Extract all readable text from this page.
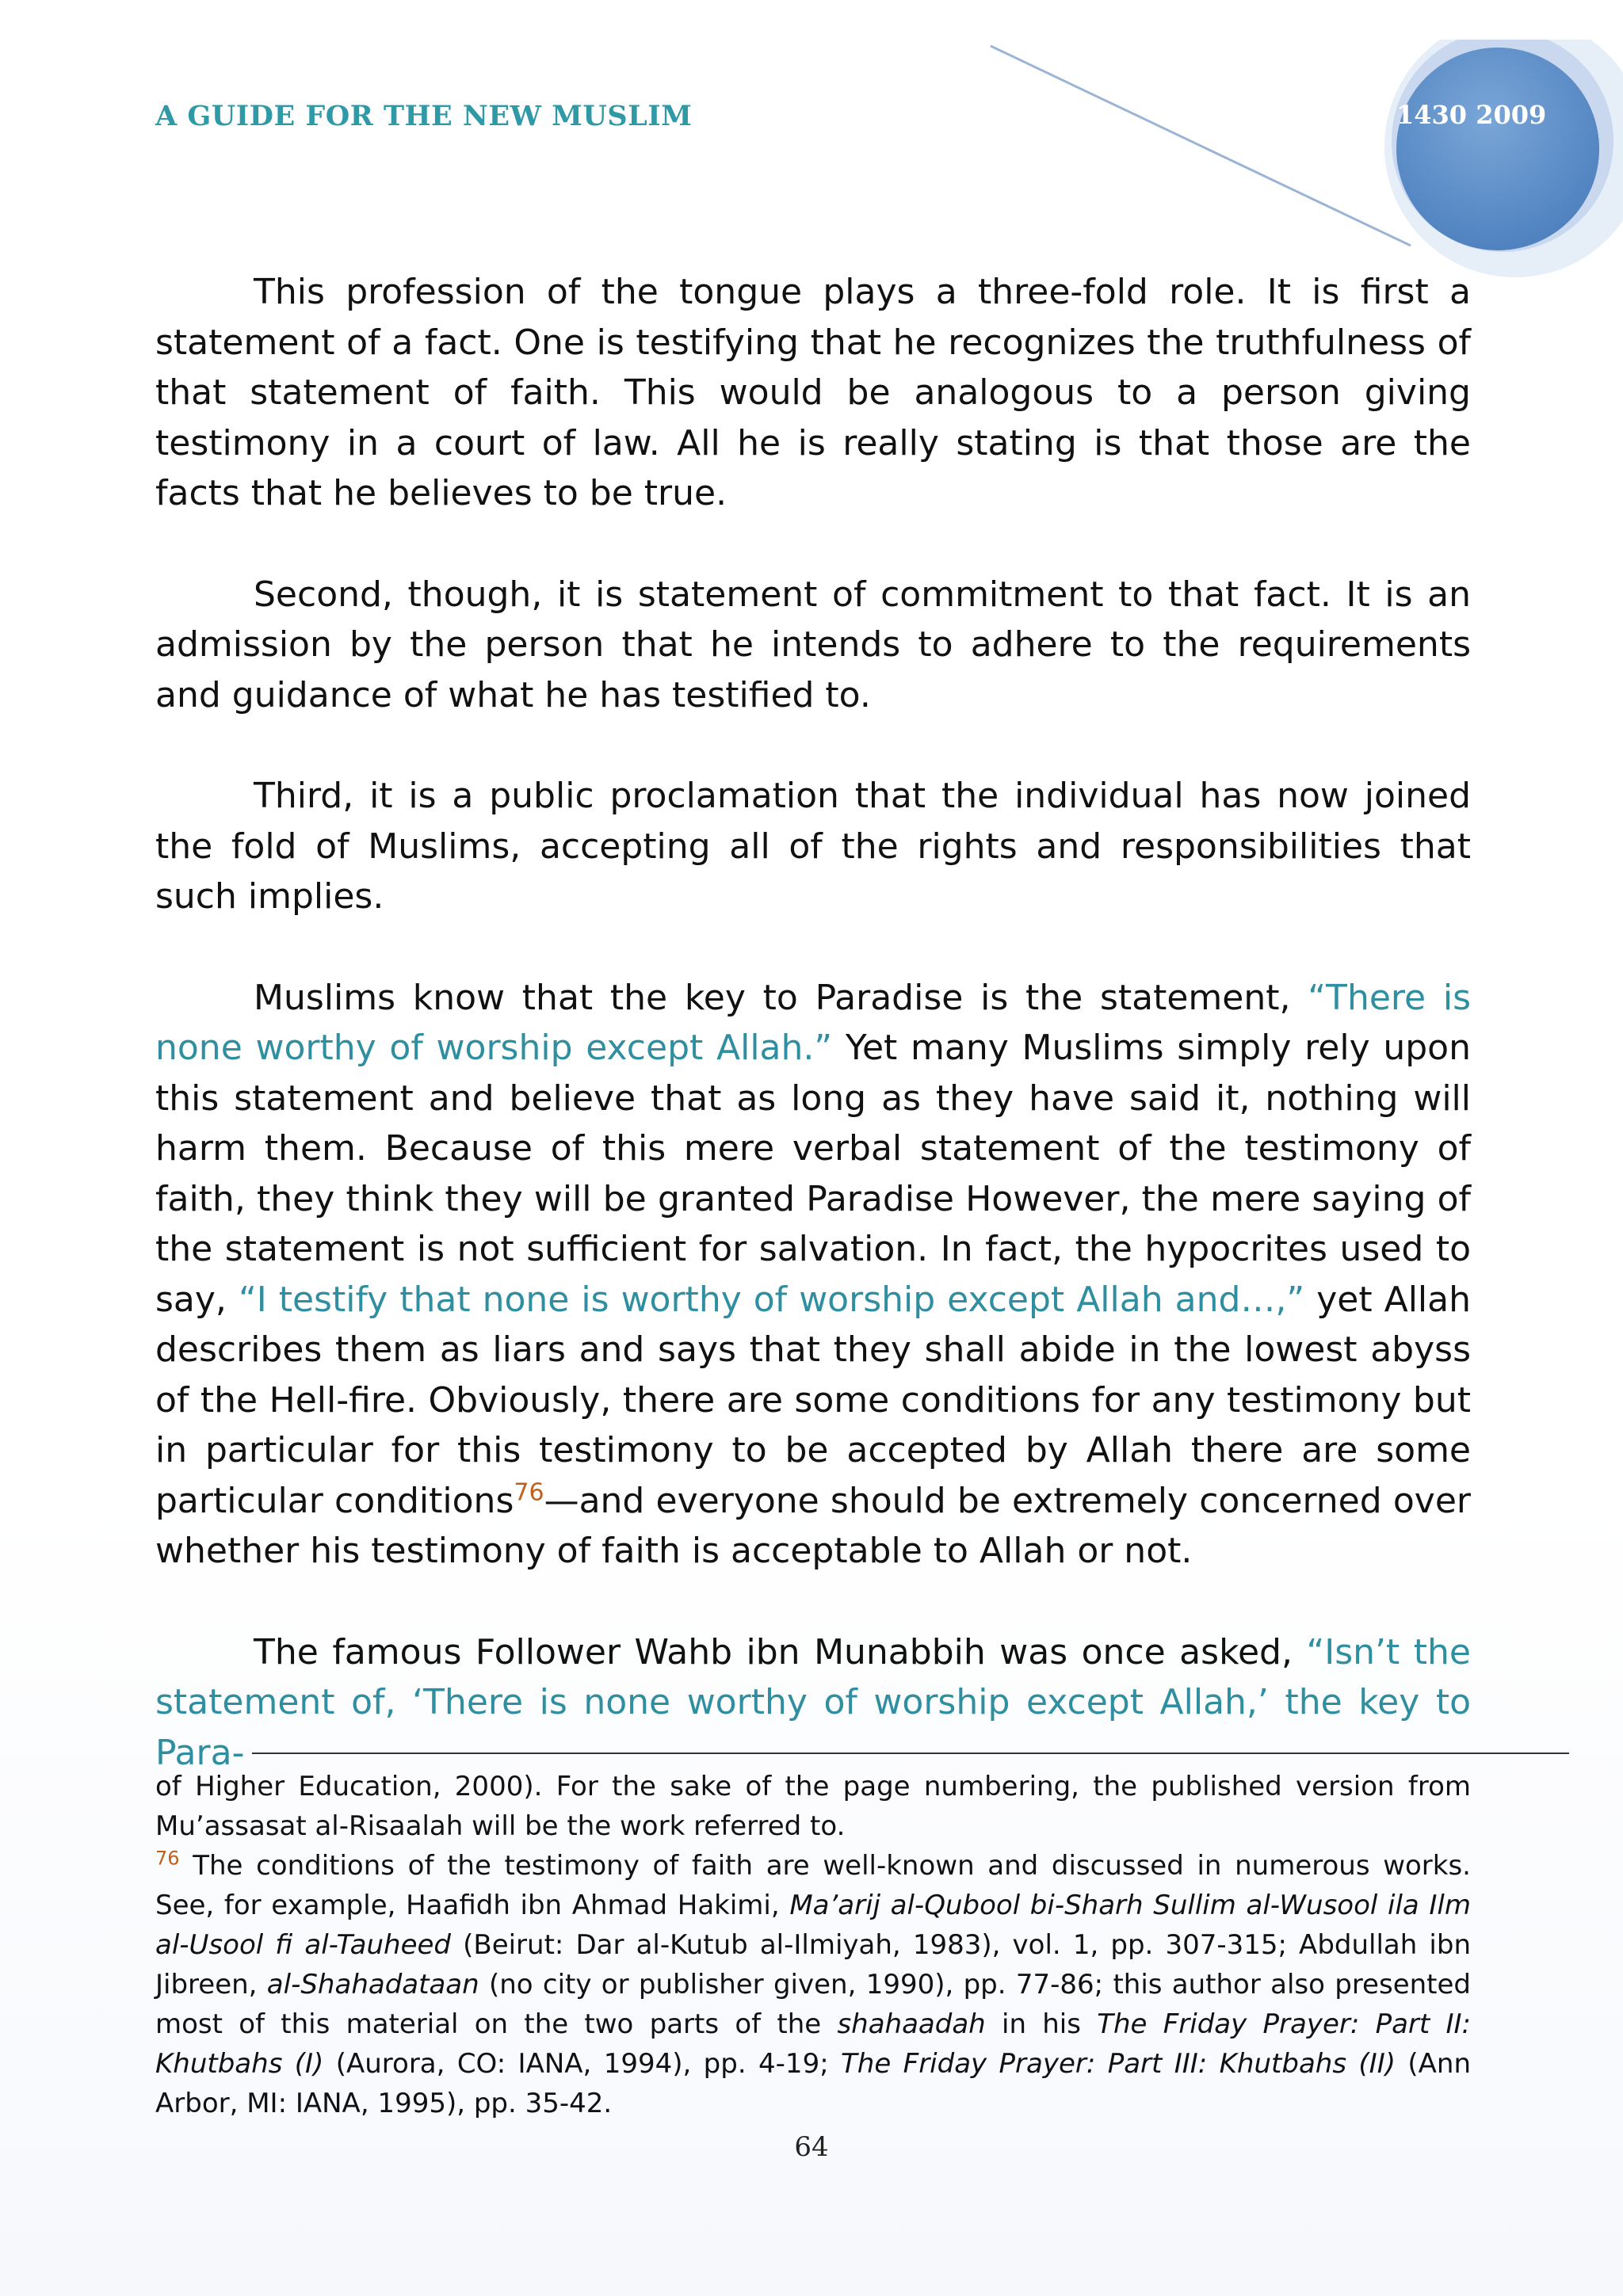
A GUIDE FOR THE NEW MUSLIM	1430 2009

This profession of the tongue plays a three-fold role. It is first a statement of a fact. One is testifying that he recognizes the truthfulness of that statement of faith. This would be analogous to a person giving testimony in a court of law. All he is really stating is that those are the facts that he believes to be true.

Second, though, it is statement of commitment to that fact. It is an admission by the person that he intends to adhere to the requirements and guidance of what he has testified to.

Third, it is a public proclamation that the individual has now joined the fold of Muslims, accepting all of the rights and responsibilities that such implies.

Muslims know that the key to Paradise is the statement, “There is none worthy of worship except Allah.” Yet many Muslims simply rely upon this statement and believe that as long as they have said it, nothing will harm them. Because of this mere verbal statement of the testimony of faith, they think they will be granted Paradise However, the mere saying of the statement is not sufficient for salvation. In fact, the hypocrites used to say, “I testify that none is worthy of worship except Allah and…,” yet Allah describes them as liars and says that they shall abide in the lowest abyss of the Hell-fire. Obviously, there are some conditions for any testimony but in particular for this testimony to be accepted by Allah there are some particular conditions$^{76}$—and everyone should be extremely concerned over whether his testimony of faith is acceptable to Allah or not.

The famous Follower Wahb ibn Munabbih was once asked, “Isn’t the statement of, ‘There is none worthy of worship except Allah,’ the key to Para-

of Higher Education, 2000). For the sake of the page numbering, the published version from Mu’assasat al-Risaalah will be the work referred to.

$^{76}$ The conditions of the testimony of faith are well-known and discussed in numerous works. See, for example, Haafidh ibn Ahmad Hakimi, Ma’arij al-Qubool bi-Sharh Sullim al-Wusool ila Ilm al-Usool fi al-Tauheed (Beirut: Dar al-Kutub al-Ilmiyah, 1983), vol. 1, pp. 307-315; Abdullah ibn Jibreen, al-Shahadataan (no city or publisher given, 1990), pp. 77-86; this author also presented most of this material on the two parts of the shahaadah in his The Friday Prayer: Part II: Khutbahs (I) (Aurora, CO: IANA, 1994), pp. 4-19; The Friday Prayer: Part III: Khutbahs (II) (Ann Arbor, MI: IANA, 1995), pp. 35-42.

64
